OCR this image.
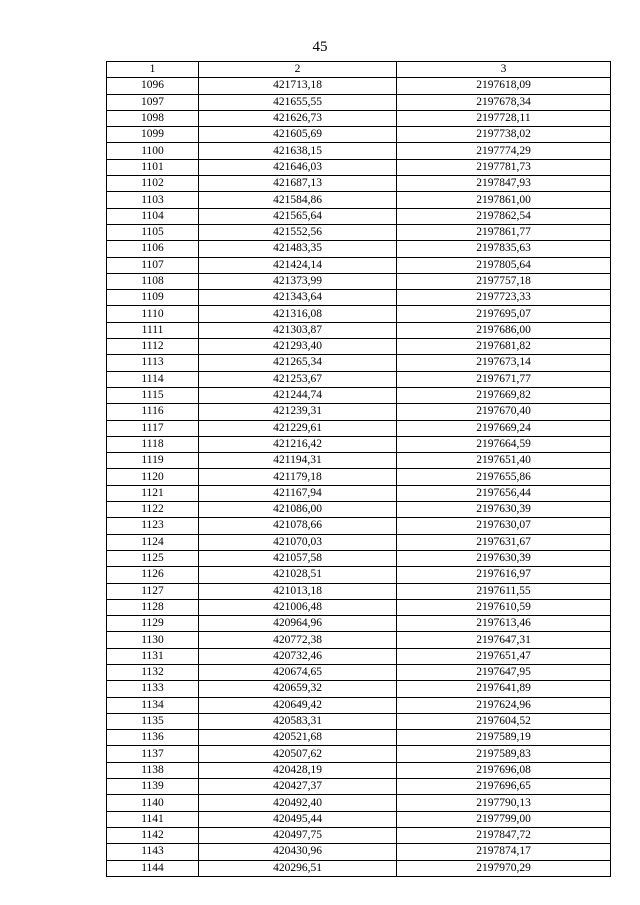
45
1	2	3
1096	421713,18	2197618,09
1097	421655,55	2197678,34
1098	421626,73	2197728,11
1099	421605,69	2197738,02
1100	421638,15	2197774,29
1101	421646,03	2197781,73
1102	421687,13	2197847,93
1103	421584,86	2197861,00
1104	421565,64	2197862,54
1105	421552,56	2197861,77
1106	421483,35	2197835,63
1107	421424,14	2197805,64
1108	421373,99	2197757,18
1109	421343,64	2197723,33
1110	421316,08	2197695,07
1111	421303,87	2197686,00
1112	421293,40	2197681,82
1113	421265,34	2197673,14
1114	421253,67	2197671,77
1115	421244,74	2197669,82
1116	421239,31	2197670,40
1117	421229,61	2197669,24
1118	421216,42	2197664,59
1119	421194,31	2197651,40
1120	421179,18	2197655,86
1121	421167,94	2197656,44
1122	421086,00	2197630,39
1123	421078,66	2197630,07
1124	421070,03	2197631,67
1125	421057,58	2197630,39
1126	421028,51	2197616,97
1127	421013,18	2197611,55
1128	421006,48	2197610,59
1129	420964,96	2197613,46
1130	420772,38	2197647,31
1131	420732,46	2197651,47
1132	420674,65	2197647,95
1133	420659,32	2197641,89
1134	420649,42	2197624,96
1135	420583,31	2197604,52
1136	420521,68	2197589,19
1137	420507,62	2197589,83
1138	420428,19	2197696,08
1139	420427,37	2197696,65
1140	420492,40	2197790,13
1141	420495,44	2197799,00
1142	420497,75	2197847,72
1143	420430,96	2197874,17
1144	420296,51	2197970,29
